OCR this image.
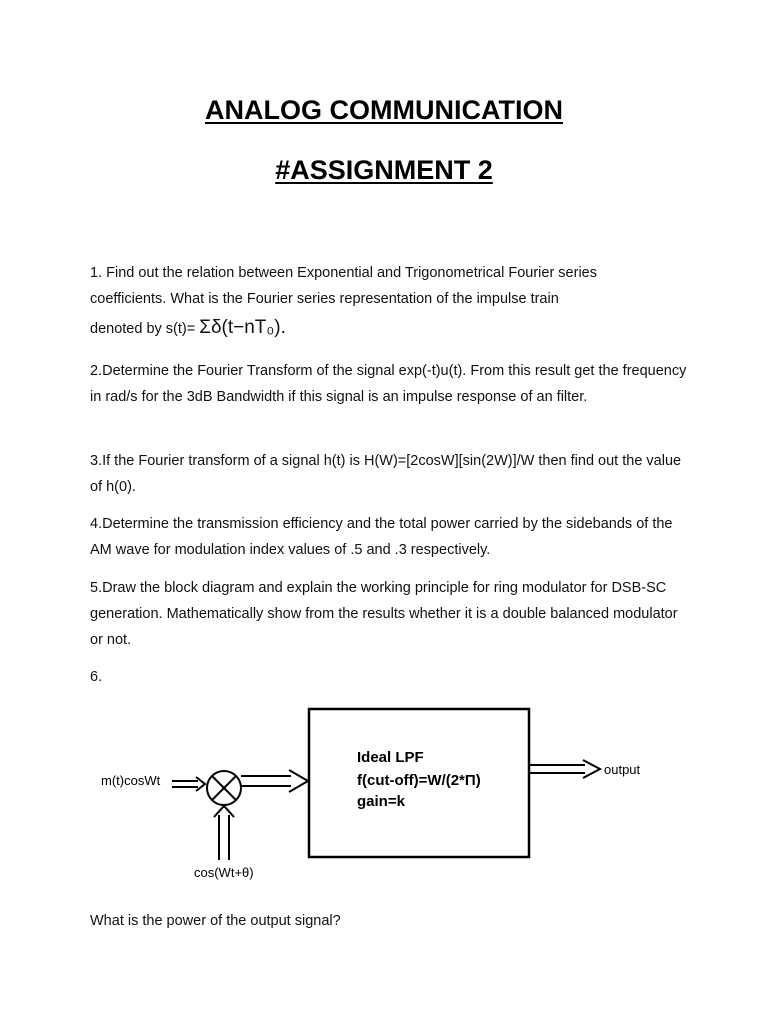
ANALOG COMMUNICATION
#ASSIGNMENT 2
1. Find out the relation between Exponential and Trigonometrical Fourier series
coefficients. What is the Fourier series representation of the impulse train
denoted by s(t)= Σδ(t−nT₀).
2.Determine the Fourier Transform of the signal exp(-t)u(t). From this result get the frequency in rad/s for the 3dB Bandwidth if this signal is an impulse response of an filter.
3.If the Fourier transform of a signal h(t) is H(W)=[2cosW][sin(2W)]/W then find out the value of h(0).
4.Determine the transmission efficiency and the total power carried by the sidebands of the AM wave for modulation index values of .5 and .3 respectively.
5.Draw the block diagram and explain the working principle for ring modulator for DSB-SC generation. Mathematically show from the results whether it is a double balanced modulator or not.
6.
Ideal LPF
f(cut-off)=W/(2*Π)
gain=k
m(t)cosWt
cos(Wt+θ)
output
What is the power of the output signal?
